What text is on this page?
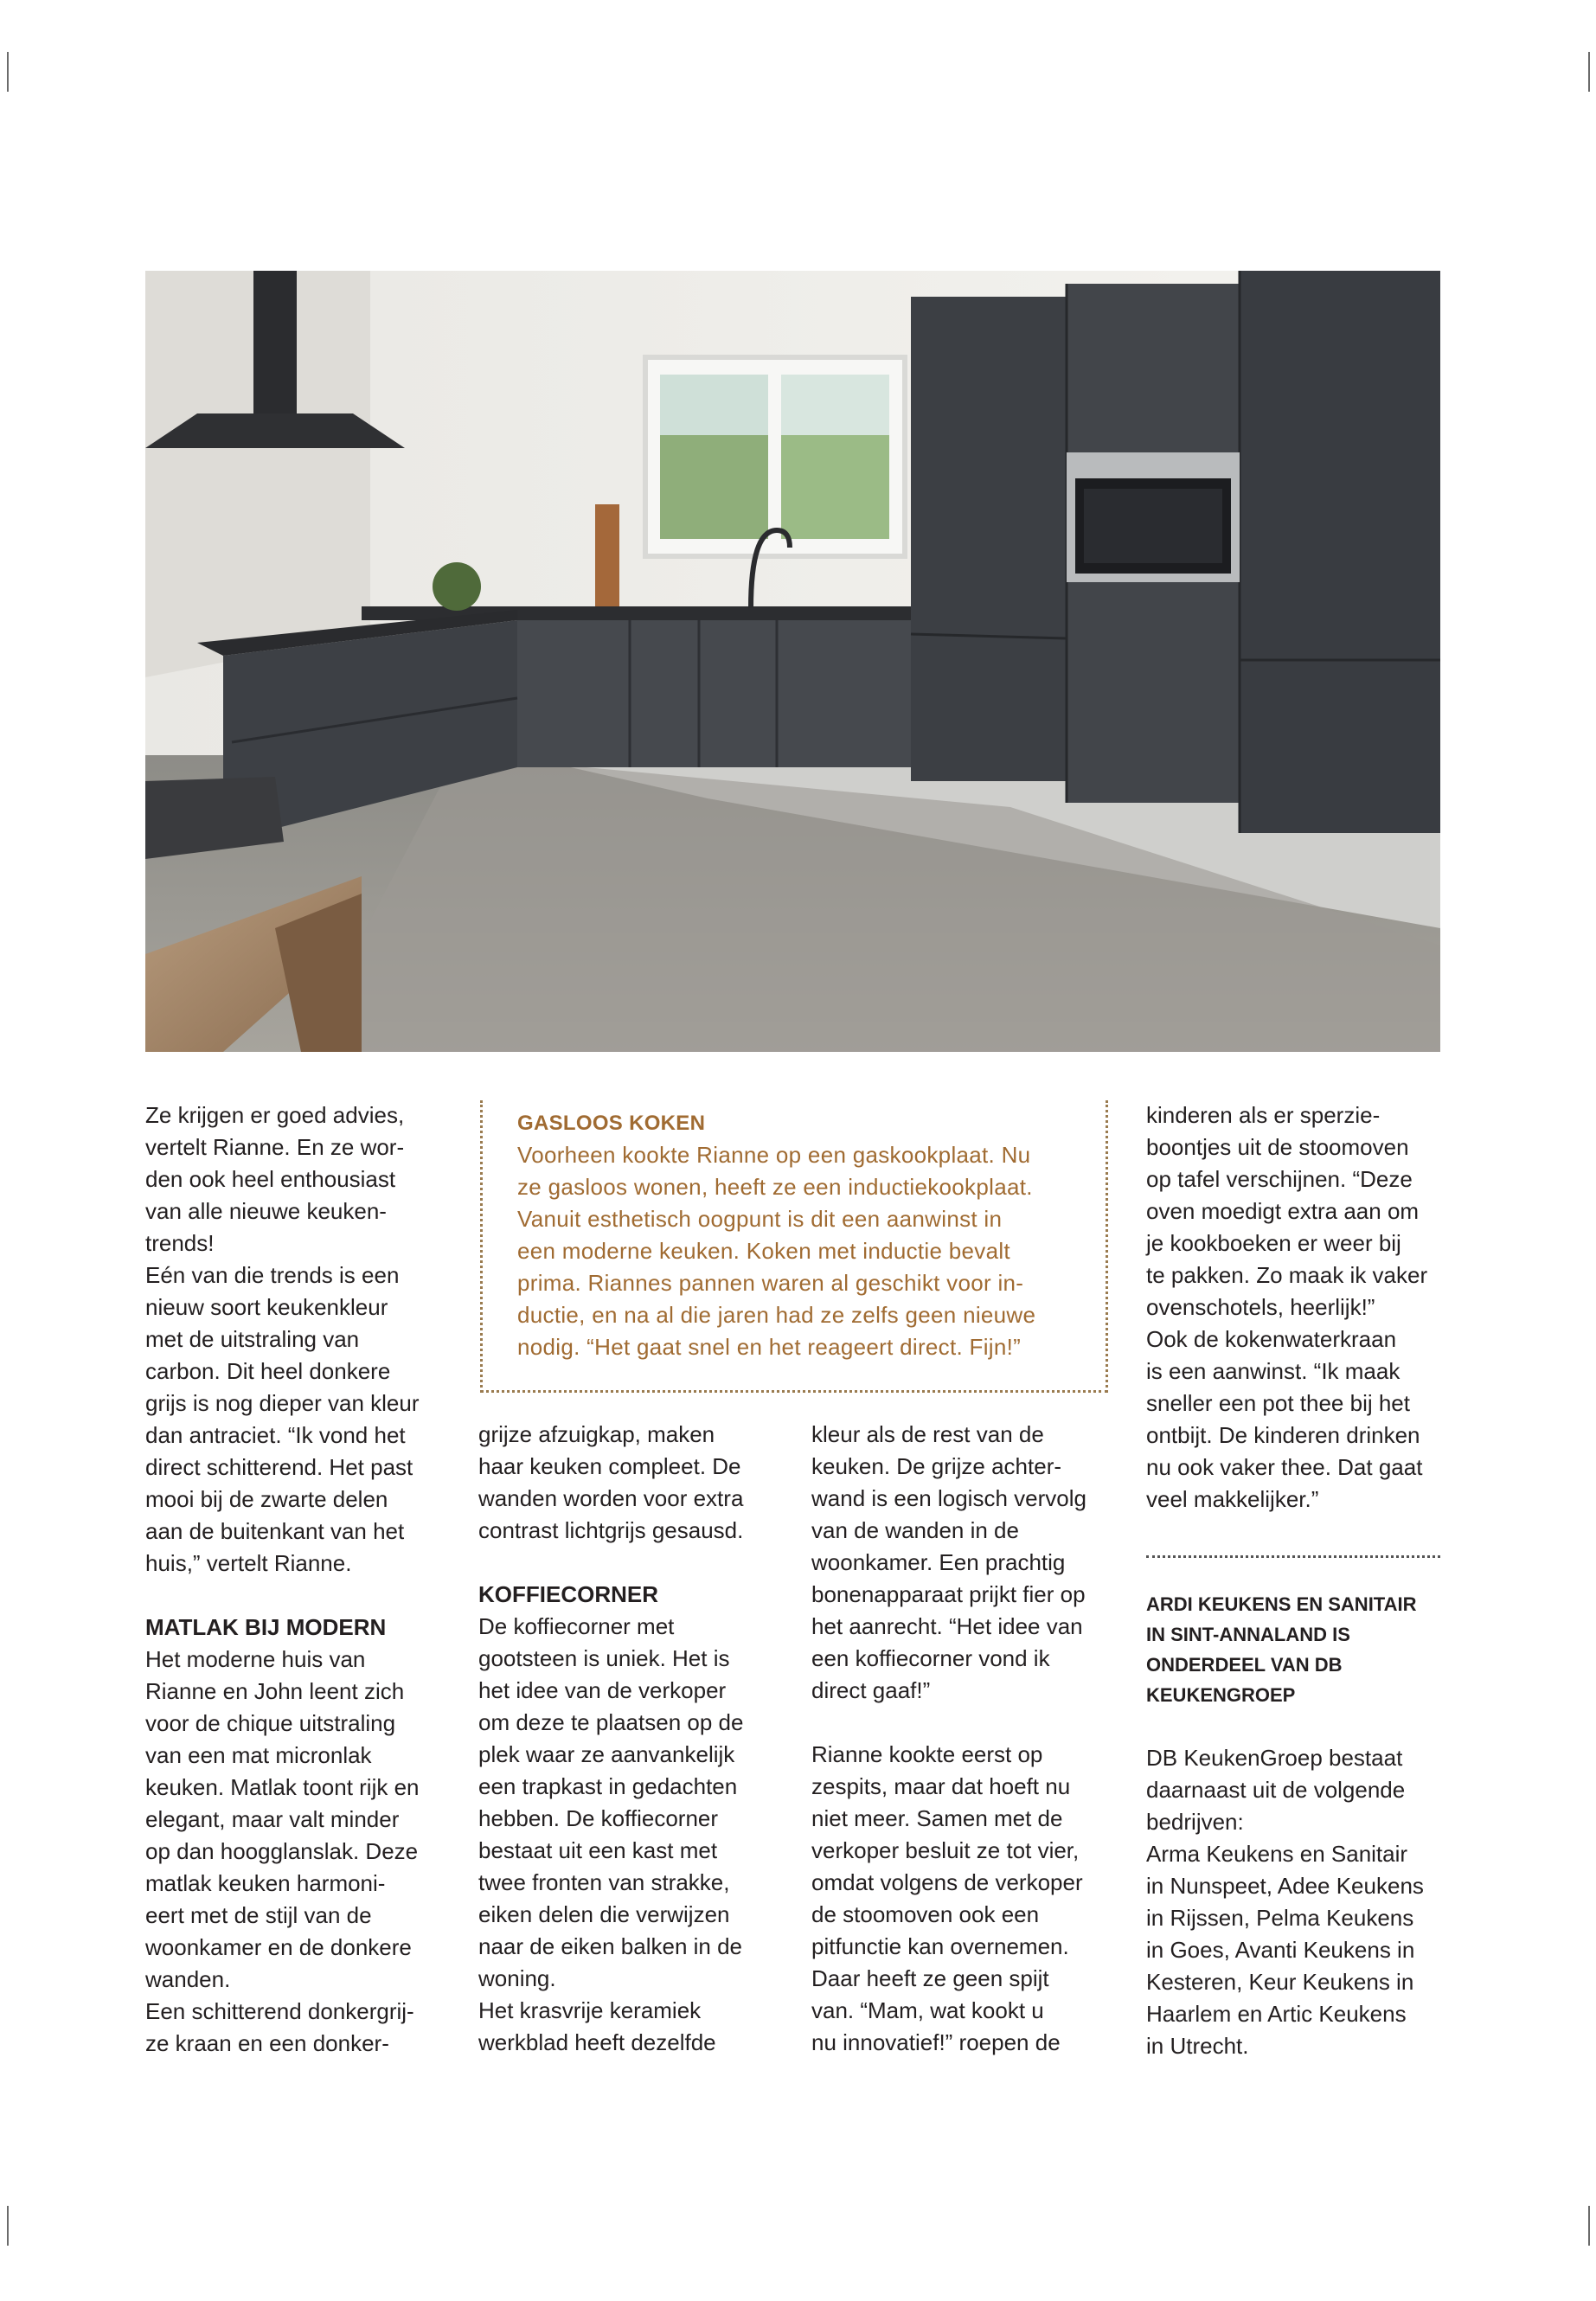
GASLOOS KOKEN
Voorheen kookte Rianne op een gaskookplaat. Nu
ze gasloos wonen, heeft ze een inductiekookplaat.
Vanuit esthetisch oogpunt is dit een aanwinst in
een moderne keuken. Koken met inductie bevalt
prima. Riannes pannen waren al geschikt voor in-
ductie, en na al die jaren had ze zelfs geen nieuwe
nodig. “Het gaat snel en het reageert direct. Fijn!”
Ze krijgen er goed advies,
vertelt Rianne. En ze wor-
den ook heel enthousiast
van alle nieuwe keuken-
trends!
Eén van die trends is een
nieuw soort keukenkleur
met de uitstraling van
carbon. Dit heel donkere
grijs is nog dieper van kleur
dan antraciet. “Ik vond het
direct schitterend. Het past
mooi bij de zwarte delen
aan de buitenkant van het
huis,” vertelt Rianne.
MATLAK BIJ MODERN
Het moderne huis van
Rianne en John leent zich
voor de chique uitstraling
van een mat micronlak
keuken. Matlak toont rijk en
elegant, maar valt minder
op dan hoogglanslak. Deze
matlak keuken harmoni-
eert met de stijl van de
woonkamer en de donkere
wanden.
Een schitterend donkergrij-
ze kraan en een donker-
grijze afzuigkap, maken
haar keuken compleet. De
wanden worden voor extra
contrast lichtgrijs gesausd.
KOFFIECORNER
De koffiecorner met
gootsteen is uniek. Het is
het idee van de verkoper
om deze te plaatsen op de
plek waar ze aanvankelijk
een trapkast in gedachten
hebben. De koffiecorner
bestaat uit een kast met
twee fronten van strakke,
eiken delen die verwijzen
naar de eiken balken in de
woning.
Het krasvrije keramiek
werkblad heeft dezelfde
kleur als de rest van de
keuken. De grijze achter-
wand is een logisch vervolg
van de wanden in de
woonkamer. Een prachtig
bonenapparaat prijkt fier op
het aanrecht. “Het idee van
een koffiecorner vond ik
direct gaaf!”
Rianne kookte eerst op
zespits, maar dat hoeft nu
niet meer. Samen met de
verkoper besluit ze tot vier,
omdat volgens de verkoper
de stoomoven ook een
pitfunctie kan overnemen.
Daar heeft ze geen spijt
van. “Mam, wat kookt u
nu innovatief!” roepen de
kinderen als er sperzie-
boontjes uit de stoomoven
op tafel verschijnen. “Deze
oven moedigt extra aan om
je kookboeken er weer bij
te pakken. Zo maak ik vaker
ovenschotels, heerlijk!”
Ook de kokenwaterkraan
is een aanwinst. “Ik maak
sneller een pot thee bij het
ontbijt. De kinderen drinken
nu ook vaker thee. Dat gaat
veel makkelijker.”
ARDI KEUKENS EN SANITAIR
IN SINT-ANNALAND IS
ONDERDEEL VAN DB
KEUKENGROEP
DB KeukenGroep bestaat
daarnaast uit de volgende
bedrijven:
Arma Keukens en Sanitair
in Nunspeet, Adee Keukens
in Rijssen, Pelma Keukens
in Goes, Avanti Keukens in
Kesteren, Keur Keukens in
Haarlem en Artic Keukens
in Utrecht.
